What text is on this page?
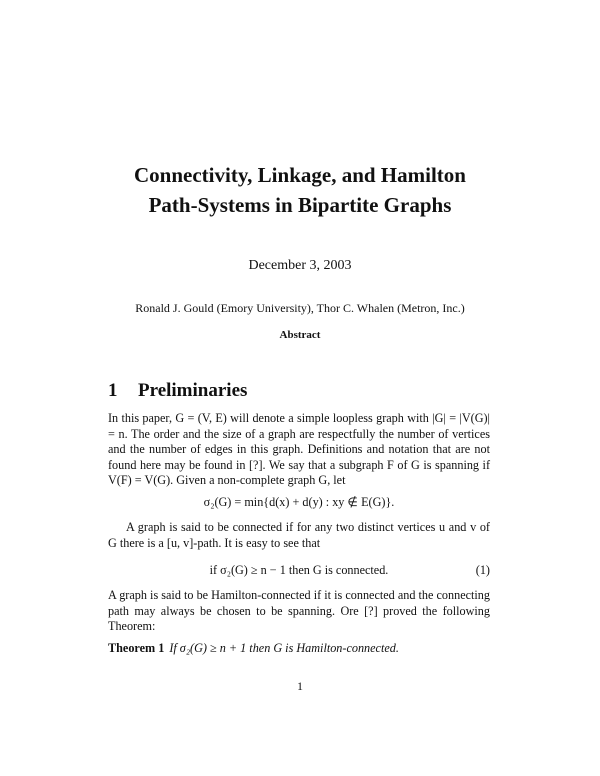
Connectivity, Linkage, and Hamilton
Path-Systems in Bipartite Graphs
December 3, 2003
Ronald J. Gould (Emory University), Thor C. Whalen (Metron, Inc.)
Abstract
1 Preliminaries
In this paper, G = (V, E) will denote a simple loopless graph with |G| = |V(G)| = n. The order and the size of a graph are respectfully the number of vertices and the number of edges in this graph. Definitions and notation that are not found here may be found in [?]. We say that a subgraph F of G is spanning if V(F) = V(G). Given a non-complete graph G, let
σ₂(G) = min{d(x) + d(y) : xy ∉ E(G)}.
A graph is said to be connected if for any two distinct vertices u and v of G there is a [u, v]-path. It is easy to see that
if σ₂(G) ≥ n − 1 then G is connected.	(1)
A graph is said to be Hamilton-connected if it is connected and the connecting path may always be chosen to be spanning. Ore [?] proved the following Theorem:
Theorem 1 If σ₂(G) ≥ n + 1 then G is Hamilton-connected.
1
